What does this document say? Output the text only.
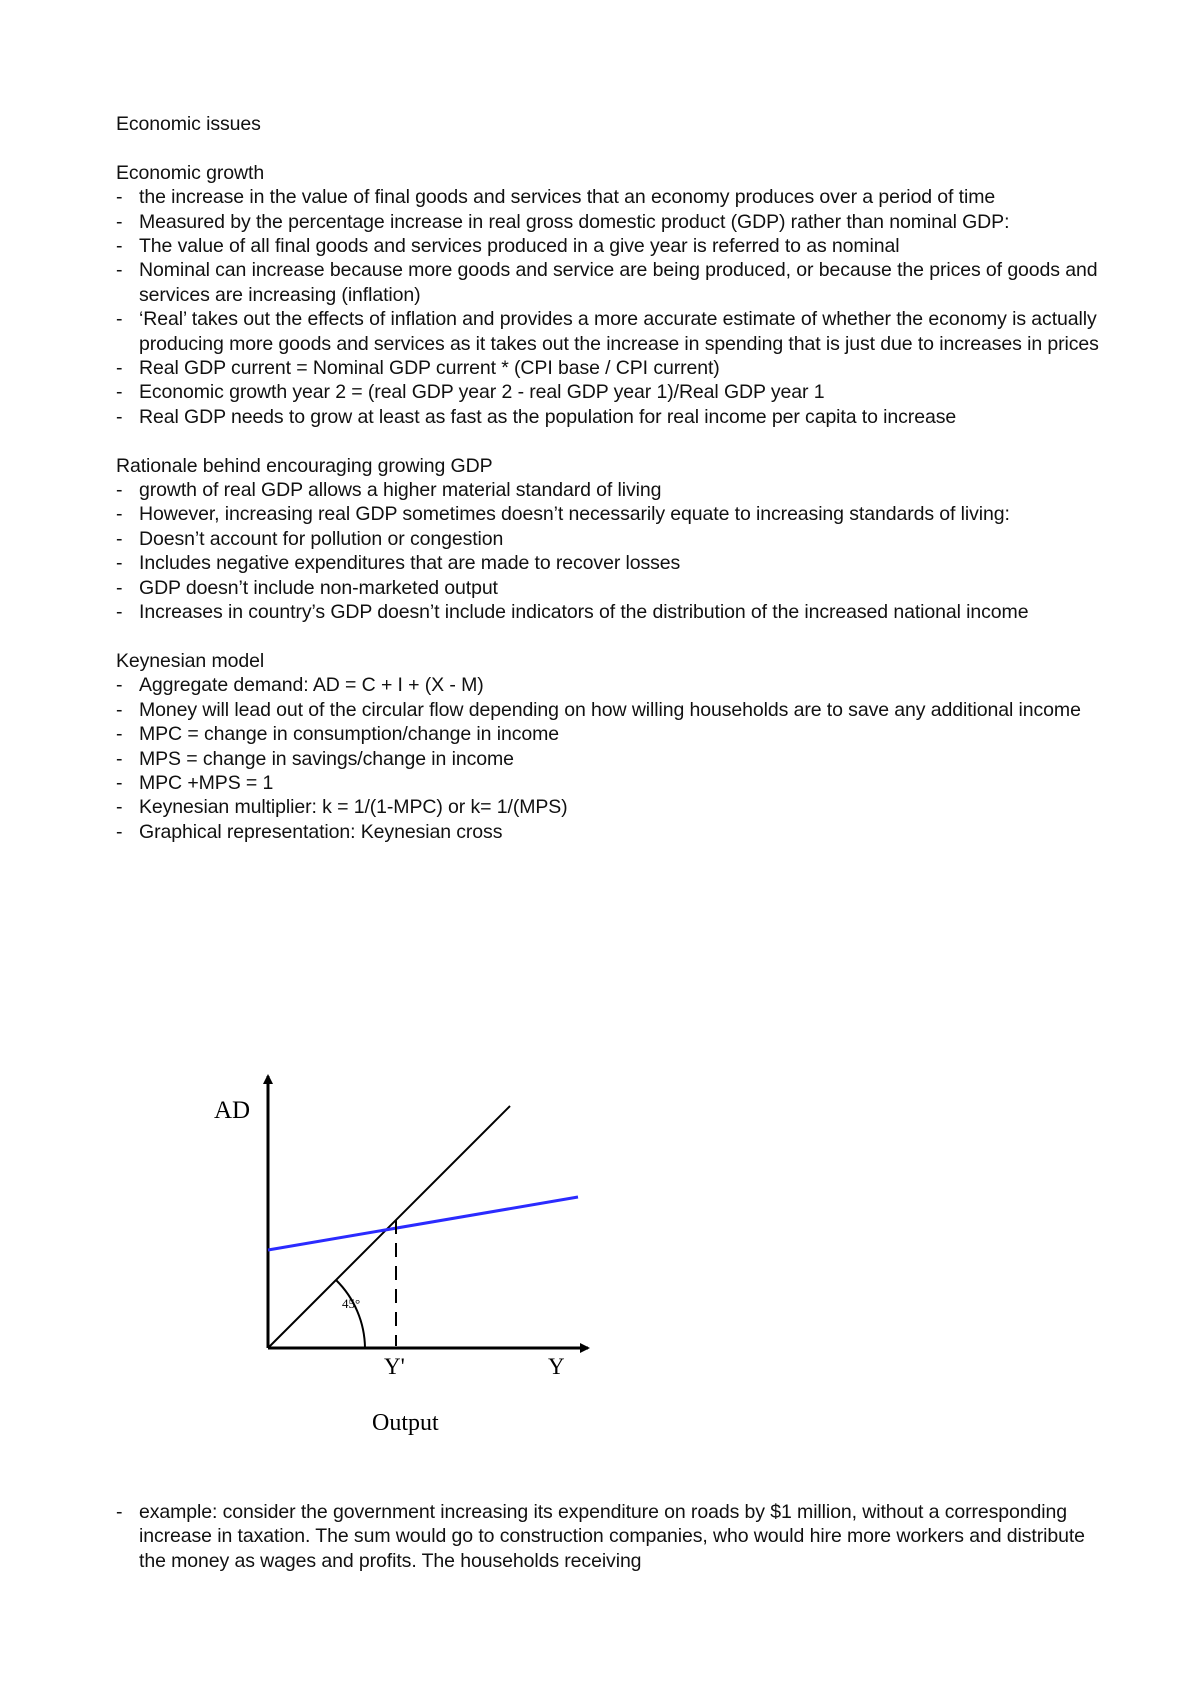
Economic issues

Economic growth

- the increase in the value of final goods and services that an economy produces over a period of time
- Measured by the percentage increase in real gross domestic product (GDP) rather than nominal GDP:
- The value of all final goods and services produced in a give year is referred to as nominal
- Nominal can increase because more goods and service are being produced, or because the prices of goods and services are increasing (inflation)
- ‘Real’ takes out the effects of inflation and provides a more accurate estimate of whether the economy is actually producing more goods and services as it takes out the increase in spending that is just due to increases in prices
- Real GDP current = Nominal GDP current * (CPI base / CPI current)
- Economic growth year 2 = (real GDP year 2 - real GDP year 1)/Real GDP year 1
- Real GDP needs to grow at least as fast as the population for real income per capita to increase

Rationale behind encouraging growing GDP

- growth of real GDP allows a higher material standard of living
- However, increasing real GDP sometimes doesn’t necessarily equate to increasing standards of living:
- Doesn’t account for pollution or congestion
- Includes negative expenditures that are made to recover losses
- GDP doesn’t include non-marketed output
- Increases in country’s GDP doesn’t include indicators of the distribution of the increased national income

Keynesian model

- Aggregate demand: AD = C + I + (X - M)
- Money will lead out of the circular flow depending on how willing households are to save any additional income
- MPC = change in consumption/change in income
- MPS = change in savings/change in income
- MPC +MPS = 1
- Keynesian multiplier: k = 1/(1-MPC) or k= 1/(MPS)
- Graphical representation: Keynesian cross
AD
45°
Y'	Y
Output
- example: consider the government increasing its expenditure on roads by $1 million, without a corresponding increase in taxation. The sum would go to construction companies, who would hire more workers and distribute the money as wages and profits. The households receiving
